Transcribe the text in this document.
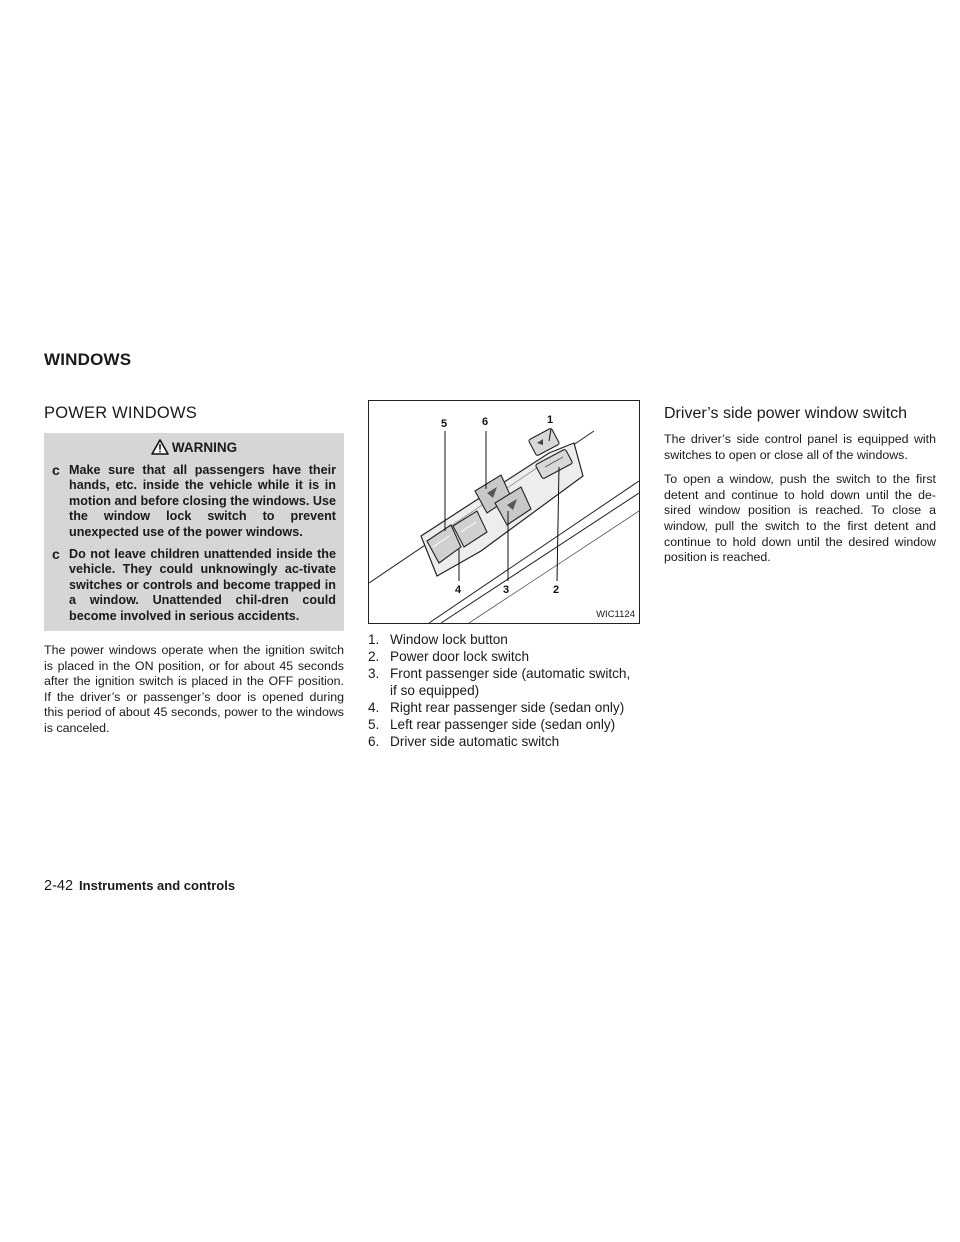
WINDOWS
POWER WINDOWS
WARNING
c Make sure that all passengers have their hands, etc. inside the vehicle while it is in motion and before closing the windows. Use the window lock switch to prevent unexpected use of the power windows.
c Do not leave children unattended inside the vehicle. They could unknowingly ac-tivate switches or controls and become trapped in a window. Unattended chil-dren could become involved in serious accidents.

The power windows operate when the ignition switch is placed in the ON position, or for about 45 seconds after the ignition switch is placed in the OFF position. If the driver’s or passenger’s door is opened during this period of about 45 seconds, power to the windows is canceled.

1
2
3
4
5	6
WIC1124
1. Window lock button
2. Power door lock switch
3. Front passenger side (automatic switch, if so equipped)
4. Right rear passenger side (sedan only)
5. Left rear passenger side (sedan only)
6. Driver side automatic switch
Driver’s side power window switch

The driver’s side control panel is equipped with switches to open or close all of the windows.

To open a window, push the switch to the first detent and continue to hold down until the de-sired window position is reached. To close a window, pull the switch to the first detent and continue to hold down until the desired window position is reached.

2-42 Instruments and controls
